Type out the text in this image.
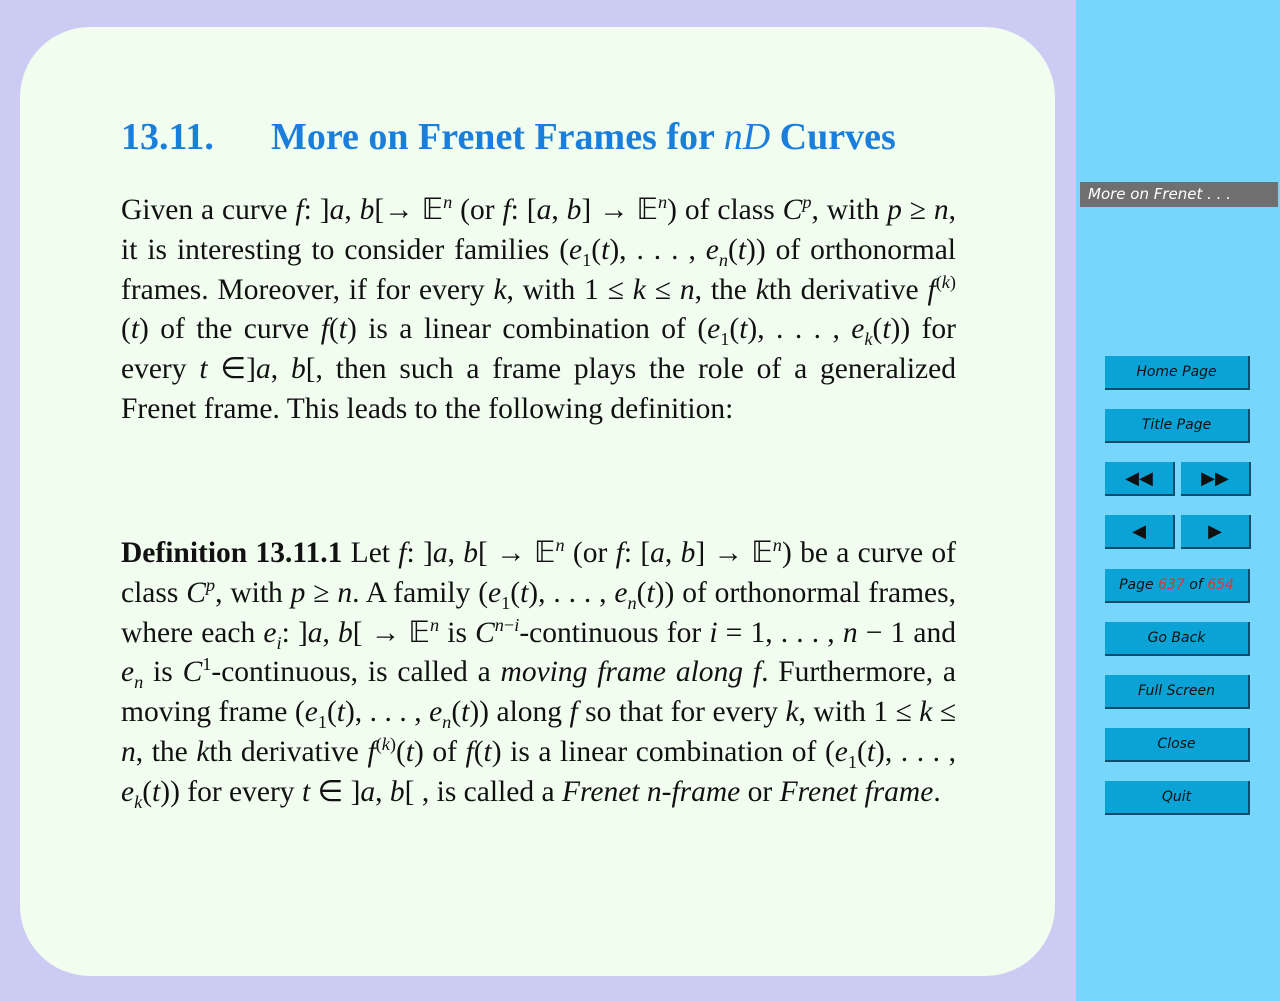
13.11. More on Frenet Frames for nD Curves

Given a curve f: ]a, b[→ 𝔼$^n$ (or f: [a, b] → 𝔼$^n$) of class $C^p$, with p ≥ n, it is interesting to consider families ($e_1(t)$, . . . , $e_n(t)$) of orthonormal frames. Moreover, if for every k, with 1 ≤ k ≤ n, the kth derivative $f^{(k)}(t)$ of the curve f(t) is a linear combination of ($e_1(t)$, . . . , $e_k(t)$) for every t ∈]a, b[, then such a frame plays the role of a generalized Frenet frame. This leads to the following definition:

Definition 13.11.1 Let f: ]a, b[ → 𝔼$^n$ (or f: [a, b] → 𝔼$^n$) be a curve of class $C^p$, with p ≥ n. A family ($e_1(t)$, . . . , $e_n(t)$) of orthonormal frames, where each $e_i$: ]a, b[ → 𝔼$^n$ is $C^{n-i}$-continuous for i = 1, . . . , n − 1 and $e_n$ is $C^1$-continuous, is called a moving frame along f. Furthermore, a moving frame ($e_1(t)$, . . . , $e_n(t)$) along f so that for every k, with 1 ≤ k ≤ n, the kth derivative $f^{(k)}(t)$ of f(t) is a linear combination of ($e_1(t)$, . . . , $e_k(t)$) for every t ∈ ]a, b[ , is called a Frenet n-frame or Frenet frame.

More on Frenet . . .
Home Page
Title Page
◀◀	▶▶
◀	▶
Page 637 of 654
Go Back
Full Screen
Close
Quit
